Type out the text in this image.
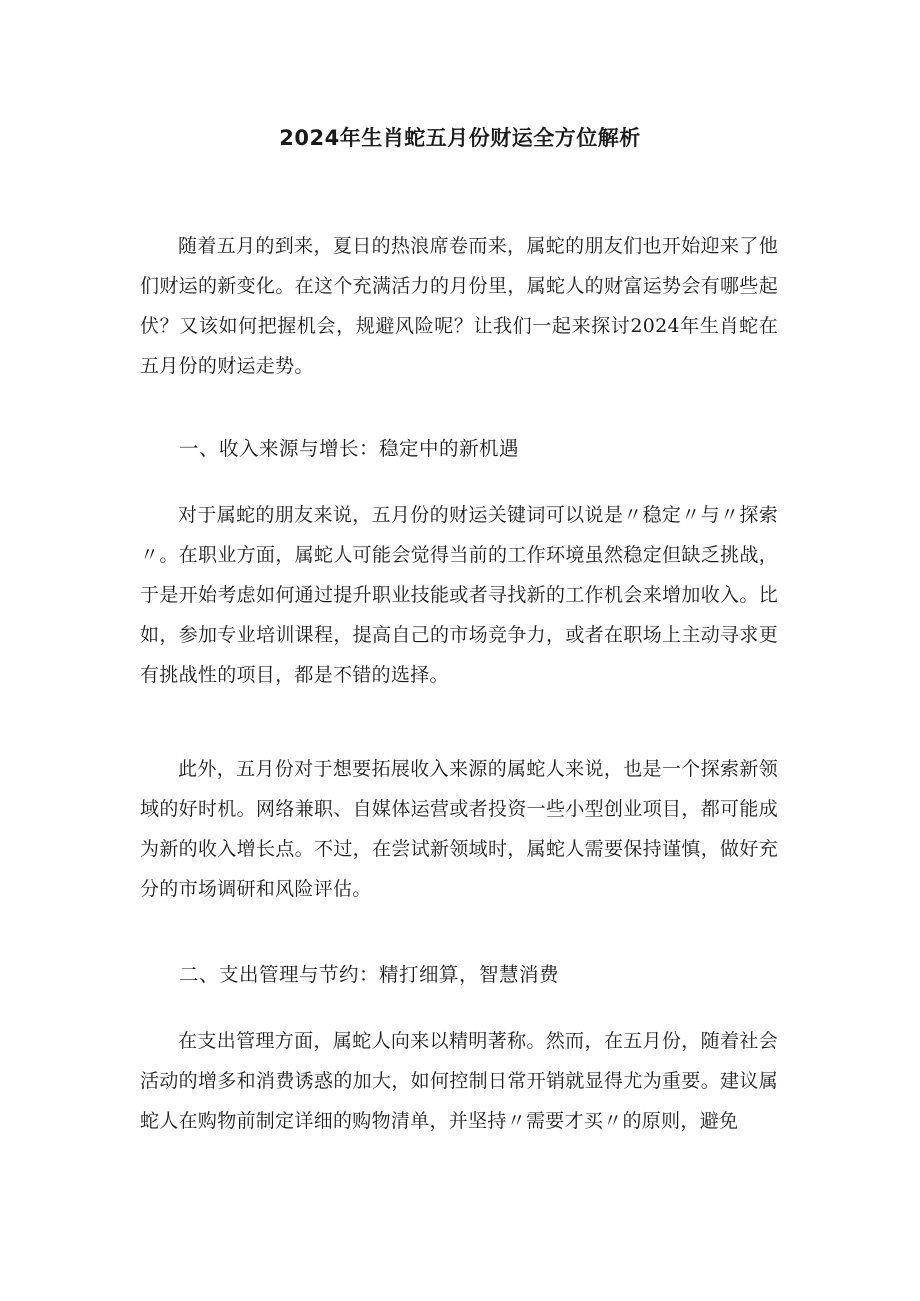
2024年生肖蛇五月份财运全方位解析

随着五月的到来，夏日的热浪席卷而来，属蛇的朋友们也开始迎来了他们财运的新变化。在这个充满活力的月份里，属蛇人的财富运势会有哪些起伏？又该如何把握机会，规避风险呢？让我们一起来探讨2024年生肖蛇在五月份的财运走势。

一、收入来源与增长：稳定中的新机遇

对于属蛇的朋友来说，五月份的财运关键词可以说是〃稳定〃与〃探索〃。在职业方面，属蛇人可能会觉得当前的工作环境虽然稳定但缺乏挑战，于是开始考虑如何通过提升职业技能或者寻找新的工作机会来增加收入。比如，参加专业培训课程，提高自己的市场竞争力，或者在职场上主动寻求更有挑战性的项目，都是不错的选择。

此外，五月份对于想要拓展收入来源的属蛇人来说，也是一个探索新领域的好时机。网络兼职、自媒体运营或者投资一些小型创业项目，都可能成为新的收入增长点。不过，在尝试新领域时，属蛇人需要保持谨慎，做好充分的市场调研和风险评估。

二、支出管理与节约：精打细算，智慧消费

在支出管理方面，属蛇人向来以精明著称。然而，在五月份，随着社会活动的增多和消费诱惑的加大，如何控制日常开销就显得尤为重要。建议属蛇人在购物前制定详细的购物清单，并坚持〃需要才买〃的原则，避免
